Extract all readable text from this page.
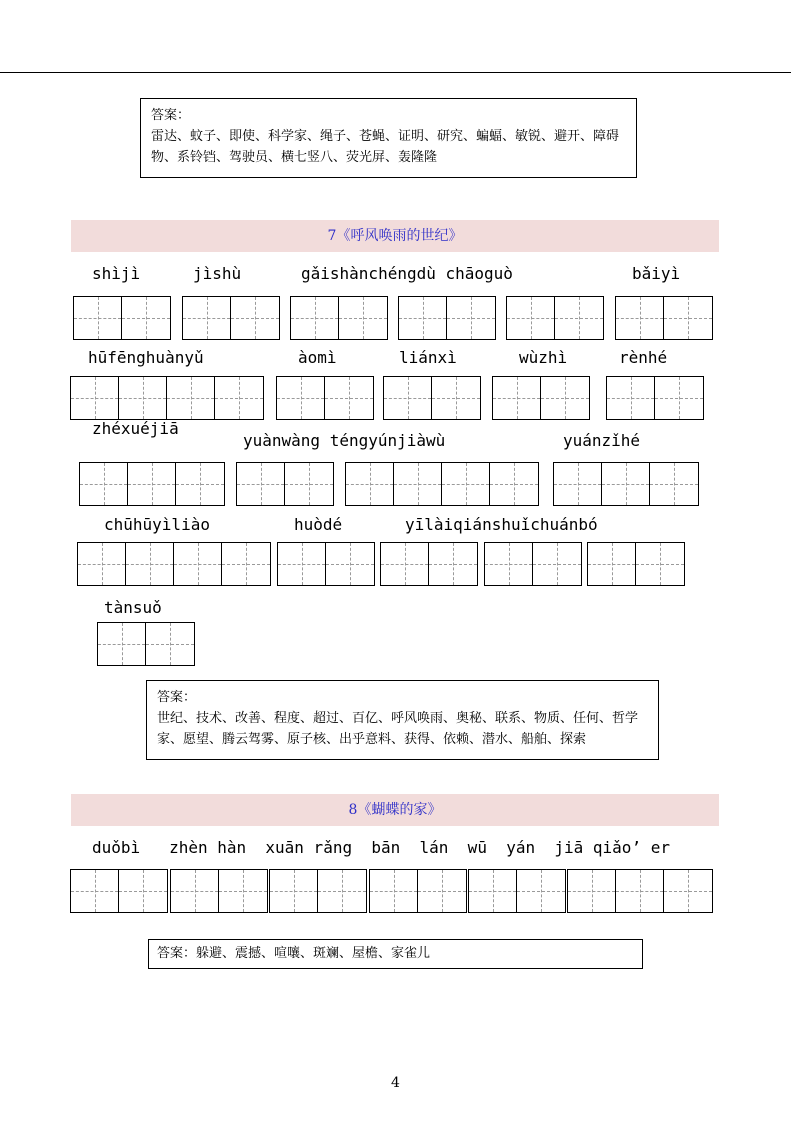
答案：
雷达、蚊子、即使、科学家、绳子、苍蝇、证明、研究、蝙蝠、敏锐、避开、障碍物、系铃铛、驾驶员、横七竖八、荧光屏、轰隆隆
7《呼风唤雨的世纪》
shìjì	jìshù	gǎishànchéngdù chāoguò	bǎiyì
hūfēnghuànyǔ	àomì	liánxì	wùzhì	rènhé
zhéxuéjiā
yuànwàng téngyúnjiàwù	yuánzǐhé
chūhūyìliào	huòdé	yīlàiqiánshuǐchuánbó
tànsuǒ
答案：
世纪、技术、改善、程度、超过、百亿、呼风唤雨、奥秘、联系、物质、任何、哲学家、愿望、腾云驾雾、原子核、出乎意料、获得、依赖、潜水、船舶、探索
8《蝴蝶的家》
duǒbì   zhèn hàn  xuān rǎng  bān  lán  wū  yán  jiā qiǎo’ er
答案：躲避、震撼、喧嚷、斑斓、屋檐、家雀儿
4
